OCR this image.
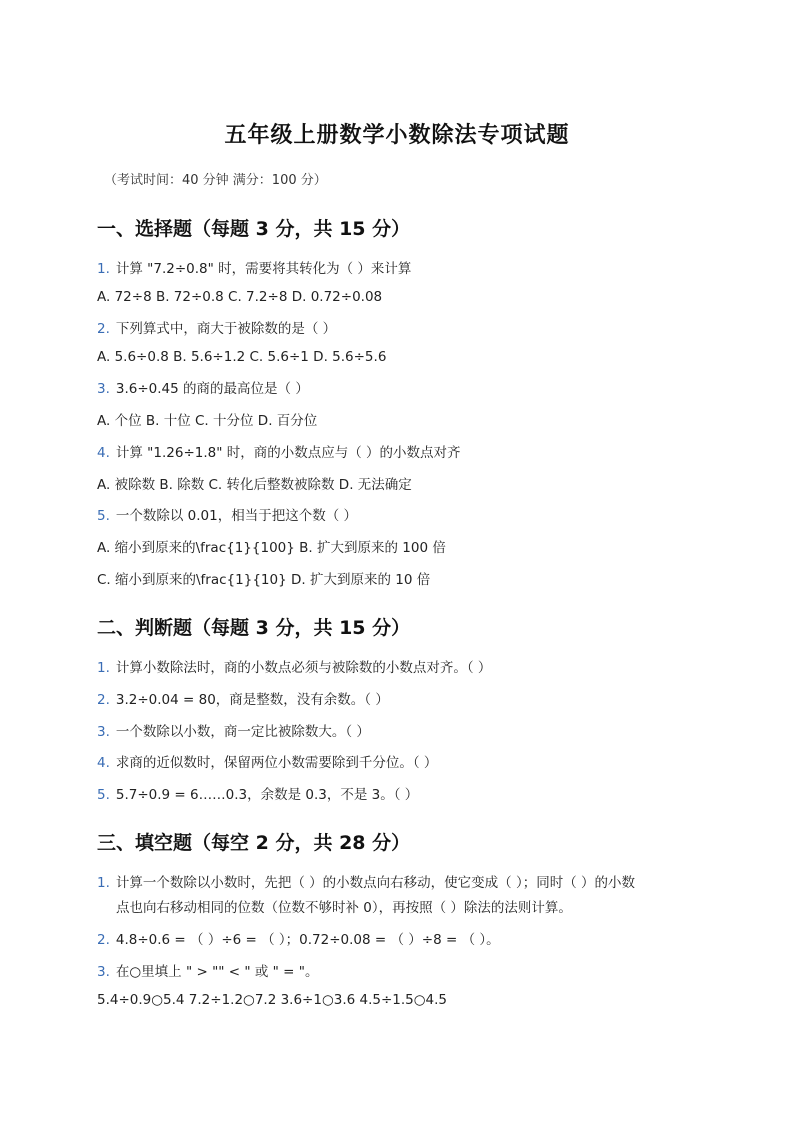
五年级上册数学小数除法专项试题
（考试时间：40 分钟 满分：100 分）
一、选择题（每题 3 分，共 15 分）
1. 计算 "7.2÷0.8" 时，需要将其转化为（ ）来计算
A. 72÷8 B. 72÷0.8 C. 7.2÷8 D. 0.72÷0.08
2. 下列算式中，商大于被除数的是（ ）
A. 5.6÷0.8 B. 5.6÷1.2 C. 5.6÷1 D. 5.6÷5.6
3. 3.6÷0.45 的商的最高位是（ ）
A. 个位 B. 十位 C. 十分位 D. 百分位
4. 计算 "1.26÷1.8" 时，商的小数点应与（ ）的小数点对齐
A. 被除数 B. 除数 C. 转化后整数被除数 D. 无法确定
5. 一个数除以 0.01，相当于把这个数（ ）
A. 缩小到原来的\frac{1}{100} B. 扩大到原来的 100 倍
C. 缩小到原来的\frac{1}{10} D. 扩大到原来的 10 倍
二、判断题（每题 3 分，共 15 分）
1. 计算小数除法时，商的小数点必须与被除数的小数点对齐。（ ）
2. 3.2÷0.04 = 80，商是整数，没有余数。（ ）
3. 一个数除以小数，商一定比被除数大。（ ）
4. 求商的近似数时，保留两位小数需要除到千分位。（ ）
5. 5.7÷0.9 = 6……0.3，余数是 0.3，不是 3。（ ）
三、填空题（每空 2 分，共 28 分）
1. 计算一个数除以小数时，先把（ ）的小数点向右移动，使它变成（ ）；同时（ ）的小数
点也向右移动相同的位数（位数不够时补 0），再按照（ ）除法的法则计算。
2. 4.8÷0.6 = （ ）÷6 = （ ）；0.72÷0.08 = （ ）÷8 = （ ）。
3. 在○里填上 " > "" < " 或 " = "。
5.4÷0.9○5.4 7.2÷1.2○7.2 3.6÷1○3.6 4.5÷1.5○4.5
